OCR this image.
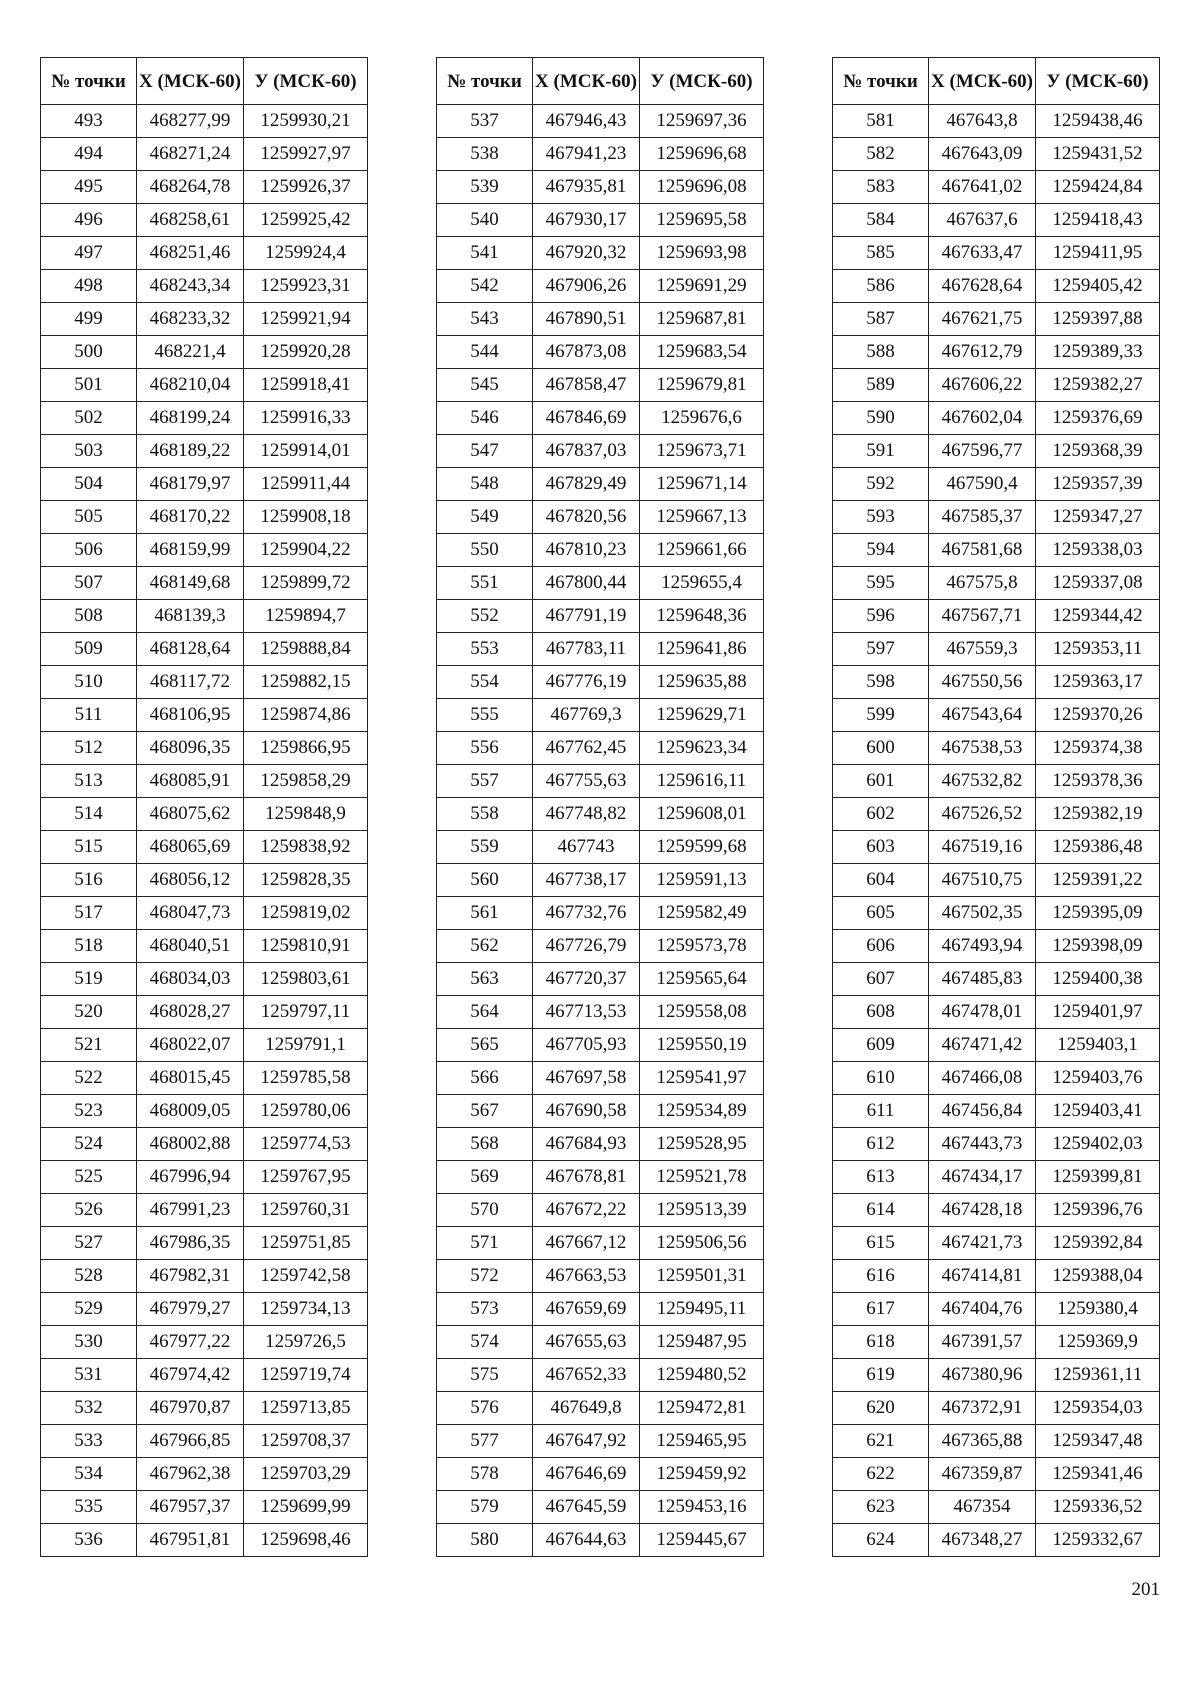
№ точки	X (МСК-60)	У (МСК-60)
493	468277,99	1259930,21
494	468271,24	1259927,97
495	468264,78	1259926,37
496	468258,61	1259925,42
497	468251,46	1259924,4
498	468243,34	1259923,31
499	468233,32	1259921,94
500	468221,4	1259920,28
501	468210,04	1259918,41
502	468199,24	1259916,33
503	468189,22	1259914,01
504	468179,97	1259911,44
505	468170,22	1259908,18
506	468159,99	1259904,22
507	468149,68	1259899,72
508	468139,3	1259894,7
509	468128,64	1259888,84
510	468117,72	1259882,15
511	468106,95	1259874,86
512	468096,35	1259866,95
513	468085,91	1259858,29
514	468075,62	1259848,9
515	468065,69	1259838,92
516	468056,12	1259828,35
517	468047,73	1259819,02
518	468040,51	1259810,91
519	468034,03	1259803,61
520	468028,27	1259797,11
521	468022,07	1259791,1
522	468015,45	1259785,58
523	468009,05	1259780,06
524	468002,88	1259774,53
525	467996,94	1259767,95
526	467991,23	1259760,31
527	467986,35	1259751,85
528	467982,31	1259742,58
529	467979,27	1259734,13
530	467977,22	1259726,5
531	467974,42	1259719,74
532	467970,87	1259713,85
533	467966,85	1259708,37
534	467962,38	1259703,29
535	467957,37	1259699,99
536	467951,81	1259698,46
№ точки	X (МСК-60)	У (МСК-60)
537	467946,43	1259697,36
538	467941,23	1259696,68
539	467935,81	1259696,08
540	467930,17	1259695,58
541	467920,32	1259693,98
542	467906,26	1259691,29
543	467890,51	1259687,81
544	467873,08	1259683,54
545	467858,47	1259679,81
546	467846,69	1259676,6
547	467837,03	1259673,71
548	467829,49	1259671,14
549	467820,56	1259667,13
550	467810,23	1259661,66
551	467800,44	1259655,4
552	467791,19	1259648,36
553	467783,11	1259641,86
554	467776,19	1259635,88
555	467769,3	1259629,71
556	467762,45	1259623,34
557	467755,63	1259616,11
558	467748,82	1259608,01
559	467743	1259599,68
560	467738,17	1259591,13
561	467732,76	1259582,49
562	467726,79	1259573,78
563	467720,37	1259565,64
564	467713,53	1259558,08
565	467705,93	1259550,19
566	467697,58	1259541,97
567	467690,58	1259534,89
568	467684,93	1259528,95
569	467678,81	1259521,78
570	467672,22	1259513,39
571	467667,12	1259506,56
572	467663,53	1259501,31
573	467659,69	1259495,11
574	467655,63	1259487,95
575	467652,33	1259480,52
576	467649,8	1259472,81
577	467647,92	1259465,95
578	467646,69	1259459,92
579	467645,59	1259453,16
580	467644,63	1259445,67
№ точки	X (МСК-60)	У (МСК-60)
581	467643,8	1259438,46
582	467643,09	1259431,52
583	467641,02	1259424,84
584	467637,6	1259418,43
585	467633,47	1259411,95
586	467628,64	1259405,42
587	467621,75	1259397,88
588	467612,79	1259389,33
589	467606,22	1259382,27
590	467602,04	1259376,69
591	467596,77	1259368,39
592	467590,4	1259357,39
593	467585,37	1259347,27
594	467581,68	1259338,03
595	467575,8	1259337,08
596	467567,71	1259344,42
597	467559,3	1259353,11
598	467550,56	1259363,17
599	467543,64	1259370,26
600	467538,53	1259374,38
601	467532,82	1259378,36
602	467526,52	1259382,19
603	467519,16	1259386,48
604	467510,75	1259391,22
605	467502,35	1259395,09
606	467493,94	1259398,09
607	467485,83	1259400,38
608	467478,01	1259401,97
609	467471,42	1259403,1
610	467466,08	1259403,76
611	467456,84	1259403,41
612	467443,73	1259402,03
613	467434,17	1259399,81
614	467428,18	1259396,76
615	467421,73	1259392,84
616	467414,81	1259388,04
617	467404,76	1259380,4
618	467391,57	1259369,9
619	467380,96	1259361,11
620	467372,91	1259354,03
621	467365,88	1259347,48
622	467359,87	1259341,46
623	467354	1259336,52
624	467348,27	1259332,67
201
